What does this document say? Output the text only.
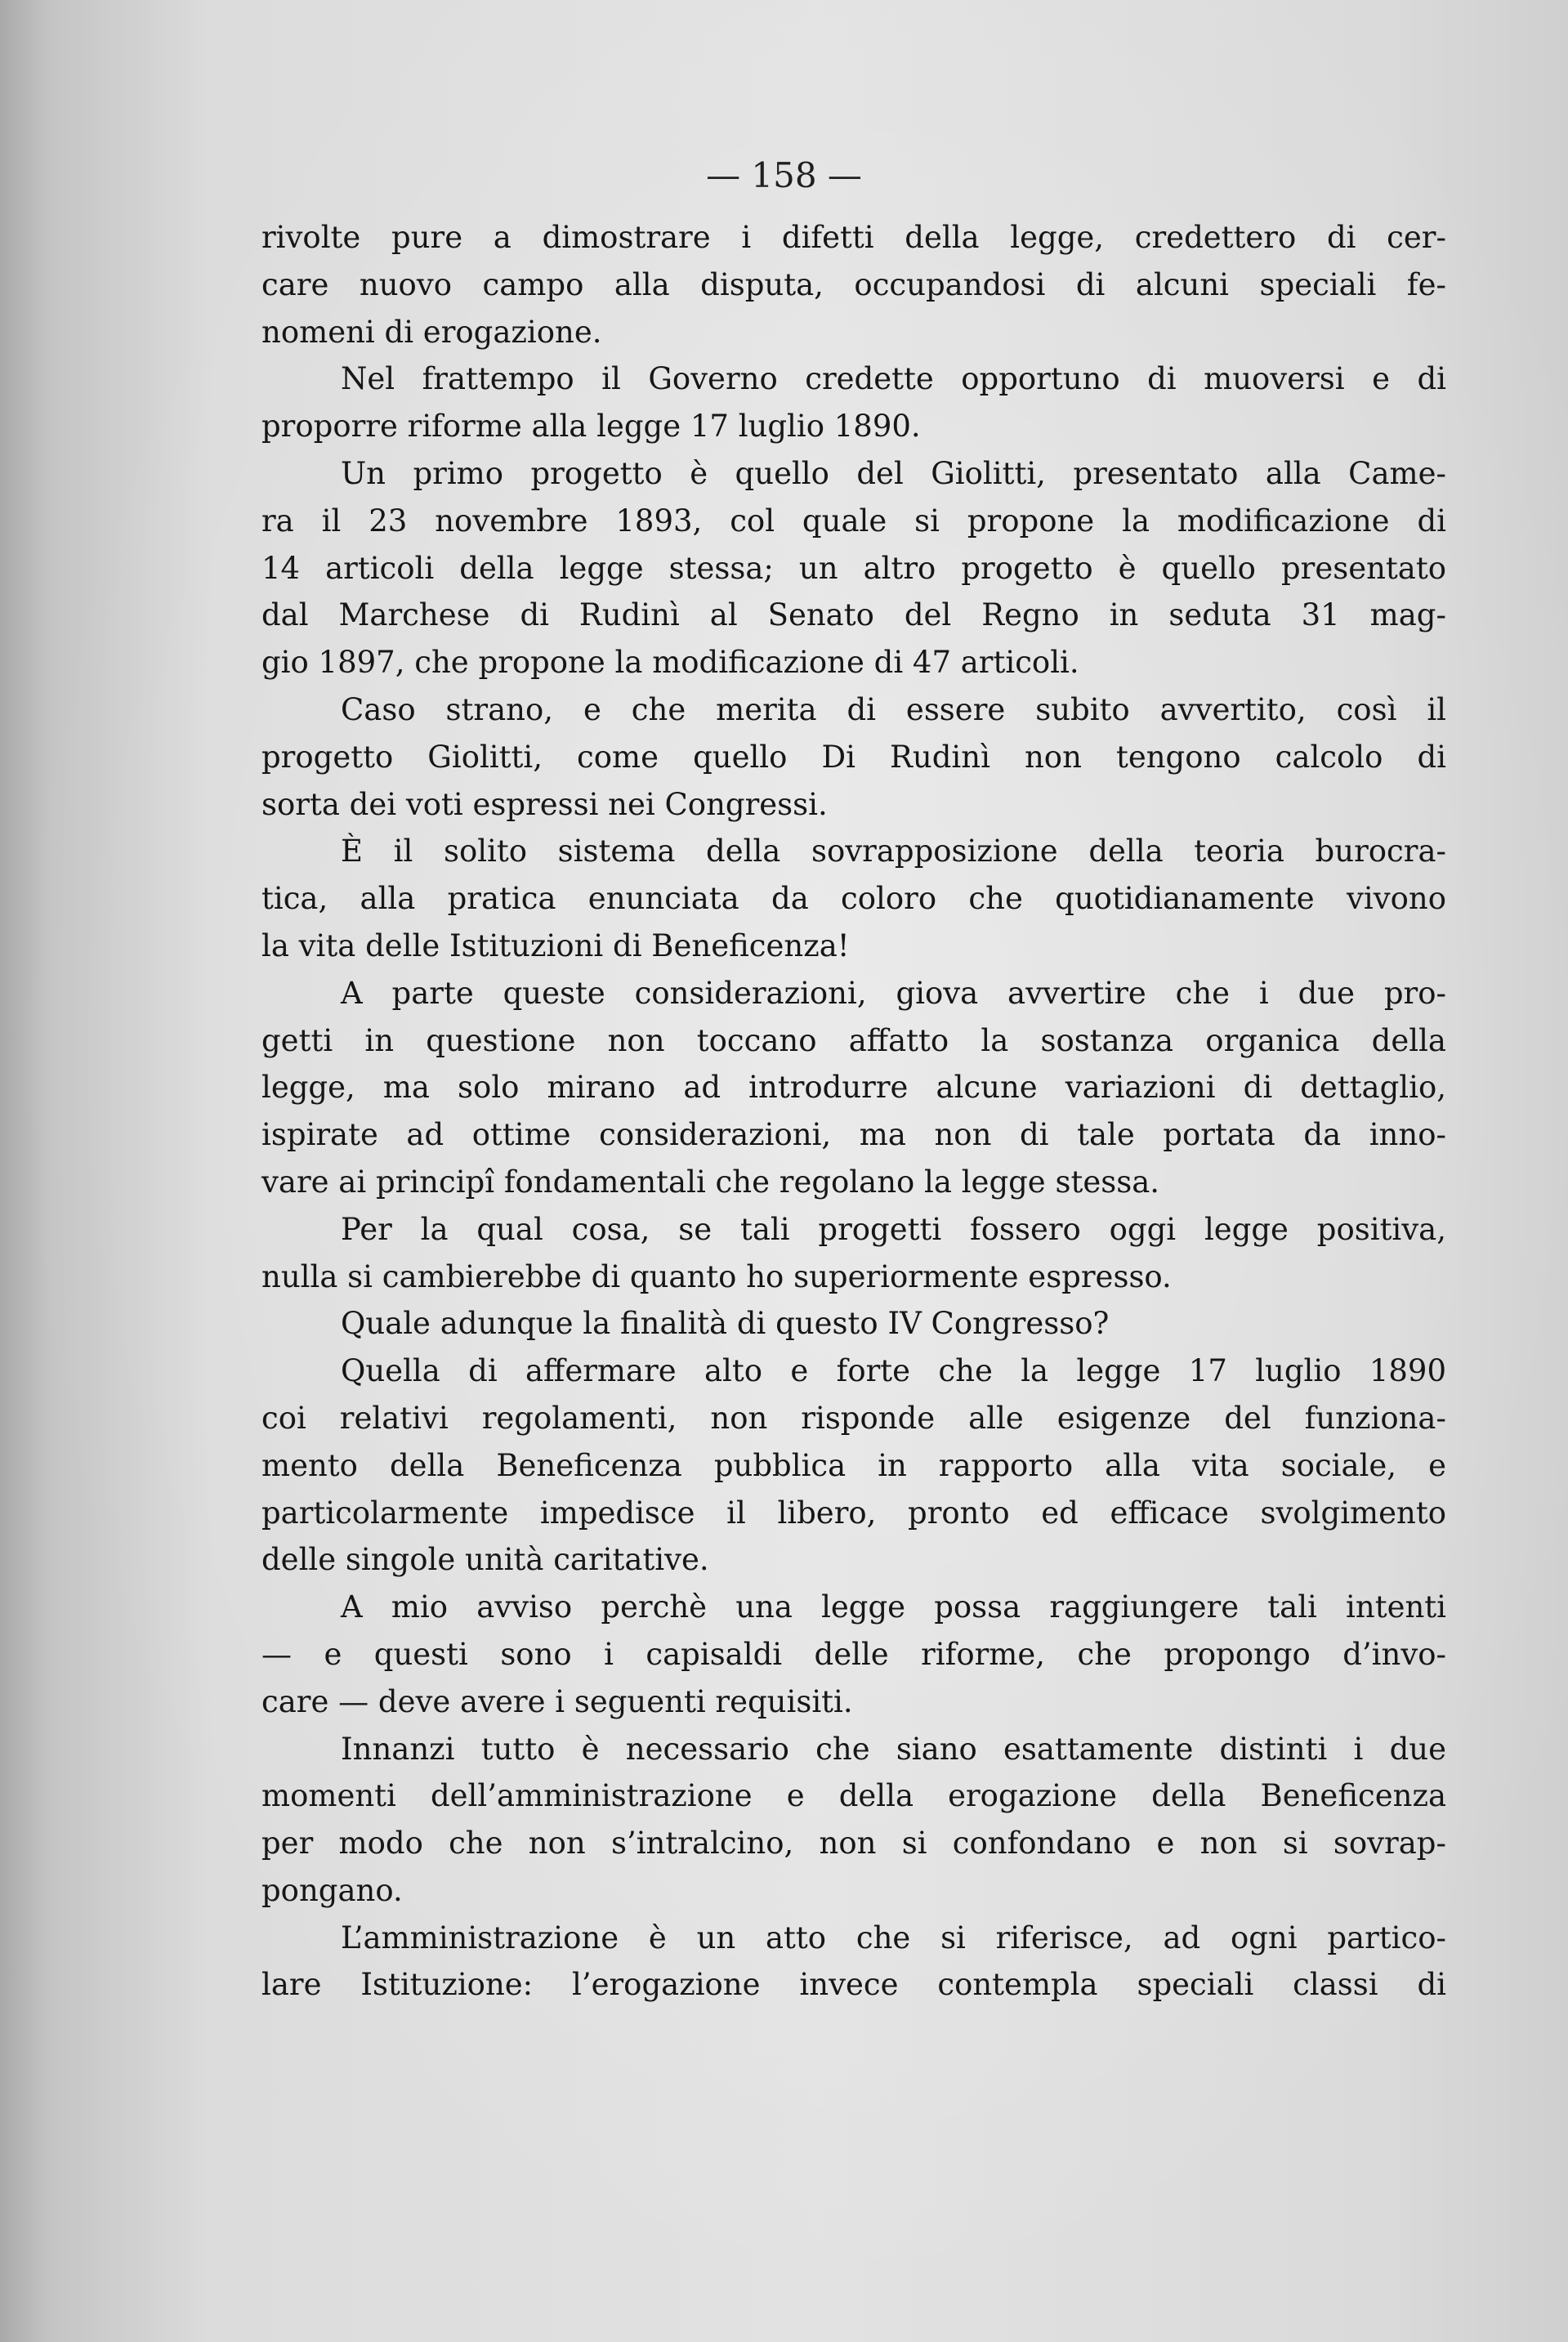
— 158 —
rivolte pure a dimostrare i difetti della legge, credettero di cer-
care nuovo campo alla disputa, occupandosi di alcuni speciali fe-
nomeni di erogazione.
Nel frattempo il Governo credette opportuno di muoversi e di
proporre riforme alla legge 17 luglio 1890.
Un primo progetto è quello del Giolitti, presentato alla Came-
ra il 23 novembre 1893, col quale si propone la modificazione di
14 articoli della legge stessa; un altro progetto è quello presentato
dal Marchese di Rudinì al Senato del Regno in seduta 31 mag-
gio 1897, che propone la modificazione di 47 articoli.
Caso strano, e che merita di essere subito avvertito, così il
progetto Giolitti, come quello Di Rudinì non tengono calcolo di
sorta dei voti espressi nei Congressi.
È il solito sistema della sovrapposizione della teoria burocra-
tica, alla pratica enunciata da coloro che quotidianamente vivono
la vita delle Istituzioni di Beneficenza!
A parte queste considerazioni, giova avvertire che i due pro-
getti in questione non toccano affatto la sostanza organica della
legge, ma solo mirano ad introdurre alcune variazioni di dettaglio,
ispirate ad ottime considerazioni, ma non di tale portata da inno-
vare ai principî fondamentali che regolano la legge stessa.
Per la qual cosa, se tali progetti fossero oggi legge positiva,
nulla si cambierebbe di quanto ho superiormente espresso.
Quale adunque la finalità di questo IV Congresso?
Quella di affermare alto e forte che la legge 17 luglio 1890
coi relativi regolamenti, non risponde alle esigenze del funziona-
mento della Beneficenza pubblica in rapporto alla vita sociale, e
particolarmente impedisce il libero, pronto ed efficace svolgimento
delle singole unità caritative.
A mio avviso perchè una legge possa raggiungere tali intenti
— e questi sono i capisaldi delle riforme, che propongo d’invo-
care — deve avere i seguenti requisiti.
Innanzi tutto è necessario che siano esattamente distinti i due
momenti dell’amministrazione e della erogazione della Beneficenza
per modo che non s’intralcino, non si confondano e non si sovrap-
pongano.
L’amministrazione è un atto che si riferisce, ad ogni partico-
lare Istituzione: l’erogazione invece contempla speciali classi di
